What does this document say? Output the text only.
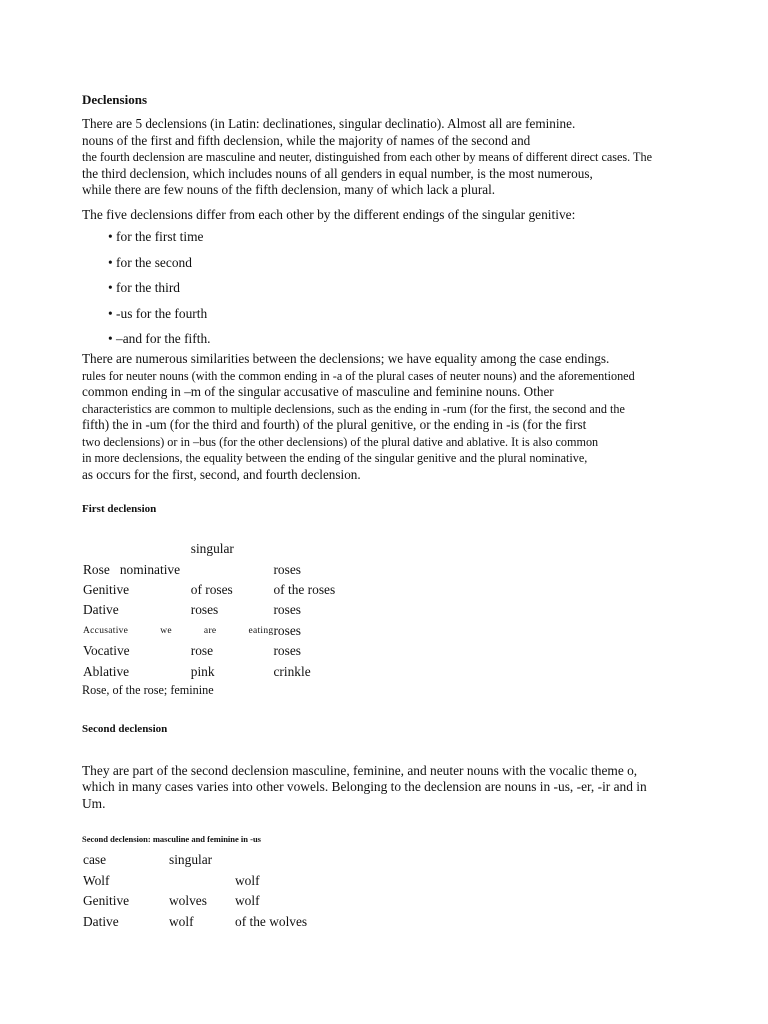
Declensions
There are 5 declensions (in Latin: declinationes, singular declinatio). Almost all are feminine.
nouns of the first and fifth declension, while the majority of names of the second and
the fourth declension are masculine and neuter, distinguished from each other by means of different direct cases. The
the third declension, which includes nouns of all genders in equal number, is the most numerous,
while there are few nouns of the fifth declension, many of which lack a plural.

The five declensions differ from each other by the different endings of the singular genitive:

• for the first time
• for the second
• for the third
• -us for the fourth
• –and for the fifth.
There are numerous similarities between the declensions; we have equality among the case endings.
rules for neuter nouns (with the common ending in -a of the plural cases of neuter nouns) and the aforementioned
common ending in –m of the singular accusative of masculine and feminine nouns. Other
characteristics are common to multiple declensions, such as the ending in -rum (for the first, the second and the
fifth) the in -um (for the third and fourth) of the plural genitive, or the ending in -is (for the first
two declensions) or in –bus (for the other declensions) of the plural dative and ablative. It is also common
in more declensions, the equality between the ending of the singular genitive and the plural nominative,
as occurs for the first, second, and fourth declension.
First declension
	singular	
Rose   nominative		roses
Genitive	of roses	of the roses
Dative	roses	roses
Accusative   we   are   eating		roses
Vocative	rose	roses
Ablative	pink	crinkle
Rose, of the rose; feminine
Second declension
They are part of the second declension masculine, feminine, and neuter nouns with the vocalic theme o,
which in many cases varies into other vowels. Belonging to the declension are nouns in -us, -er, -ir and in
Um.
Second declension: masculine and feminine in -us
case	singular	
Wolf		wolf
Genitive	wolves	wolf
Dative	wolf	of the wolves
